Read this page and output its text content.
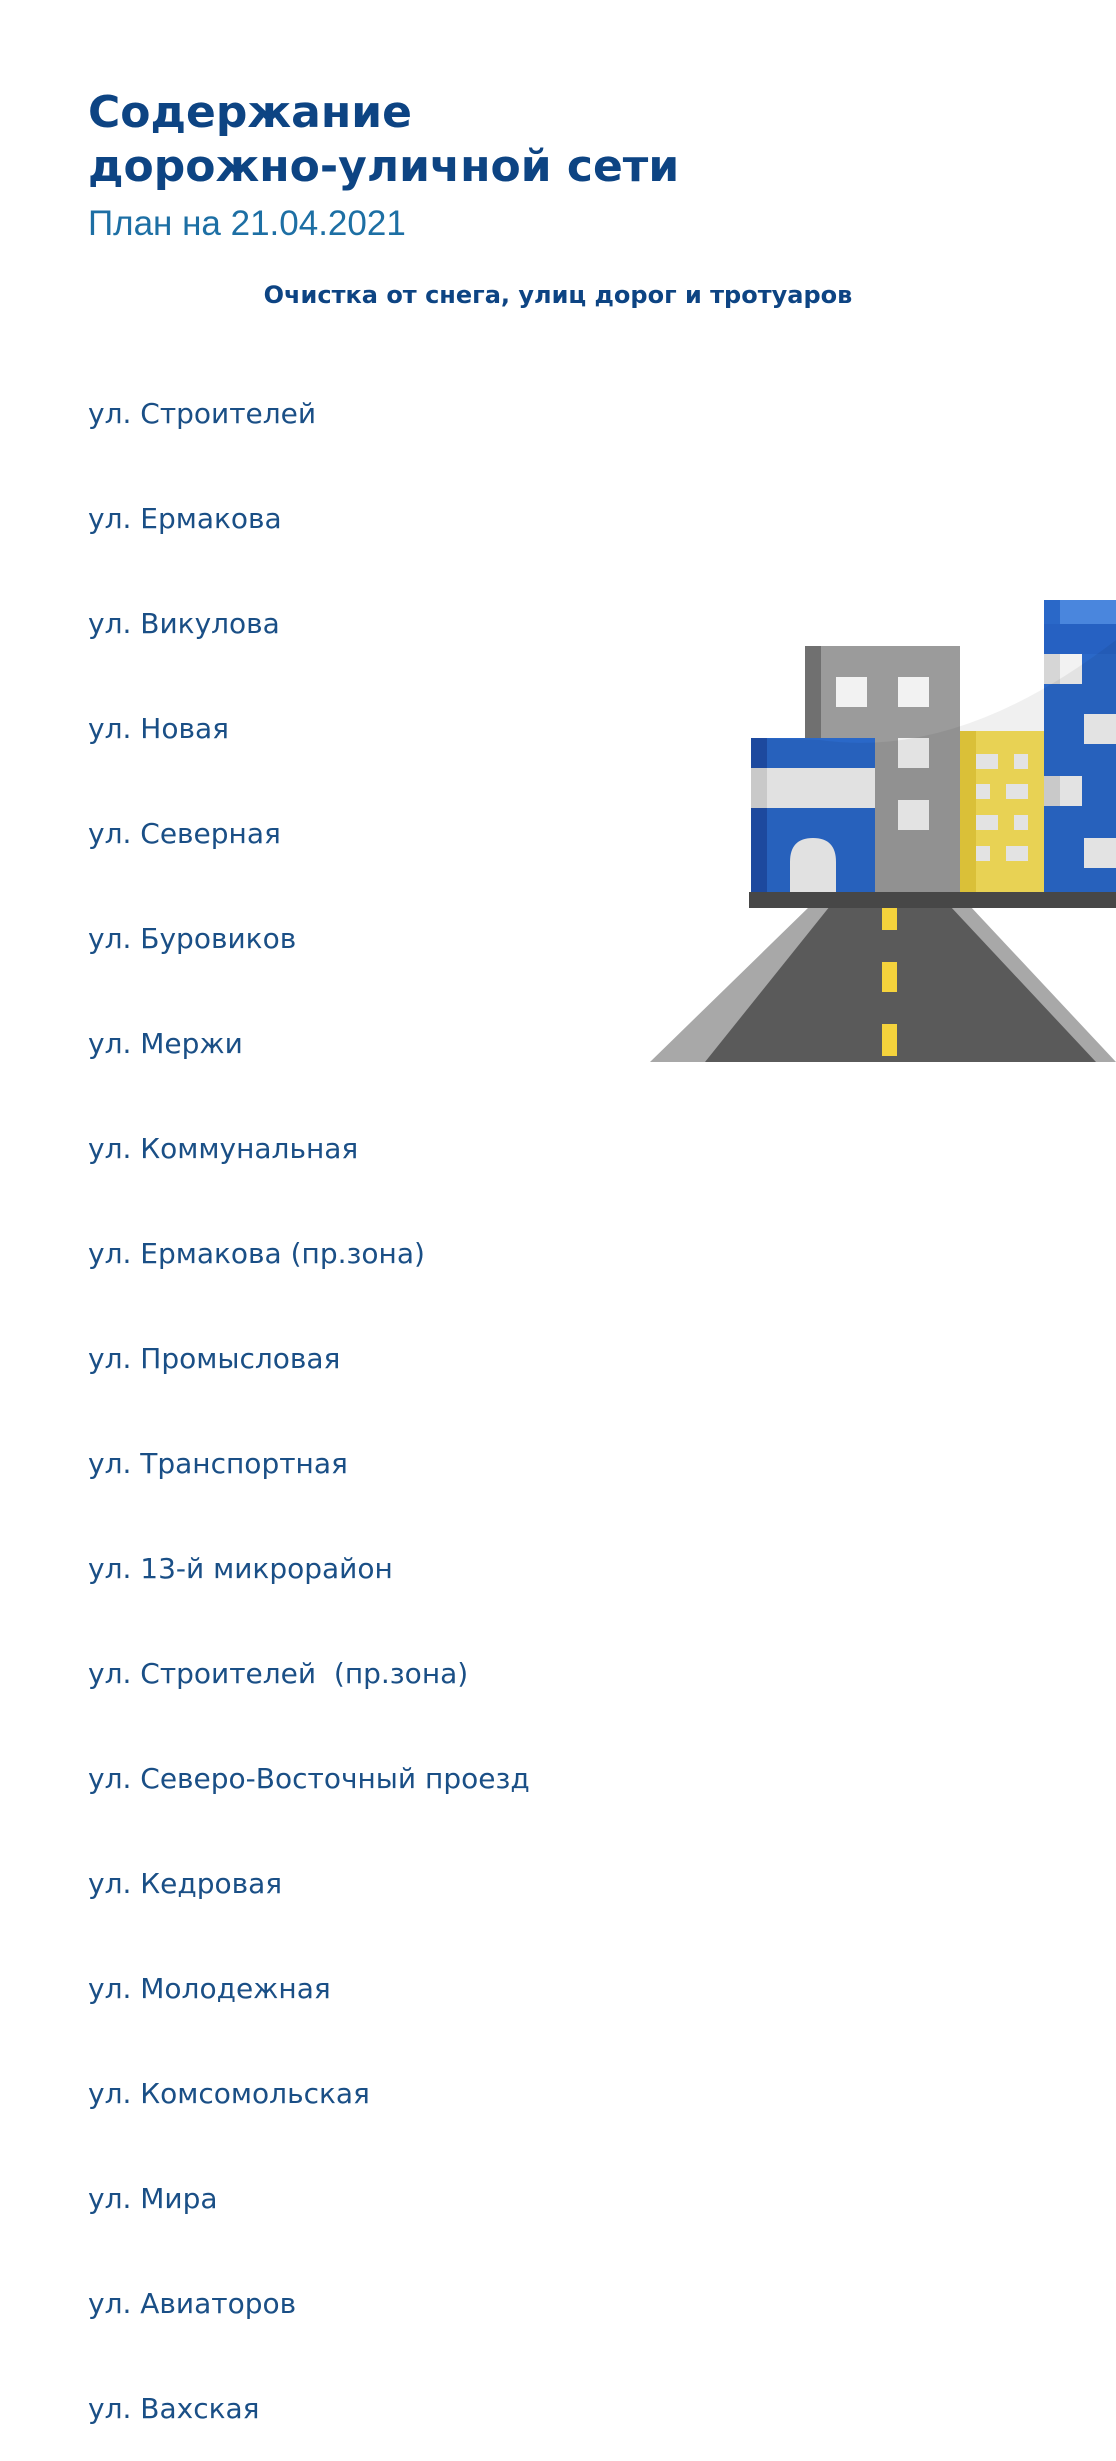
Содержание
дорожно-уличной сети

План на 21.04.2021

Очистка от снега, улиц дорог и тротуаров

ул. Строителей

ул. Ермакова

ул. Викулова

ул. Новая

ул. Северная

ул. Буровиков

ул. Мержи

ул. Коммунальная

ул. Ермакова (пр.зона)

ул. Промысловая

ул. Транспортная

ул. 13-й микрорайон

ул. Строителей  (пр.зона)

ул. Северо-Восточный проезд

ул. Кедровая

ул. Молодежная

ул. Комсомольская

ул. Мира

ул. Авиаторов

ул. Вахская
